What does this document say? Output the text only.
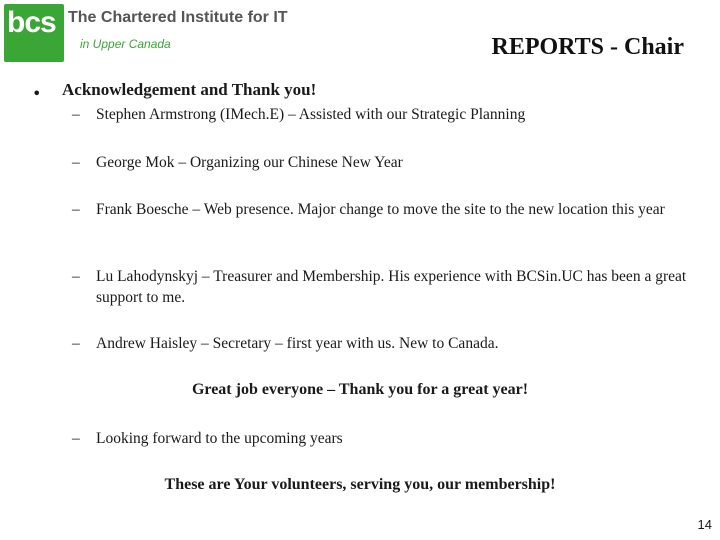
bcs The Chartered Institute for IT
in Upper Canada	REPORTS - Chair
• Acknowledgement and Thank you!
–	Stephen Armstrong (IMech.E) – Assisted with our Strategic Planning
–	George Mok – Organizing our Chinese New Year
–	Frank Boesche – Web presence. Major change to move the site to the new location this year
–	Lu Lahodynskyj – Treasurer and Membership. His experience with BCSin.UC has been a great support to me.
–	Andrew Haisley – Secretary – first year with us. New to Canada.
Great job everyone – Thank you for a great year!
–	Looking forward to the upcoming years
These are Your volunteers, serving you, our membership!
14
